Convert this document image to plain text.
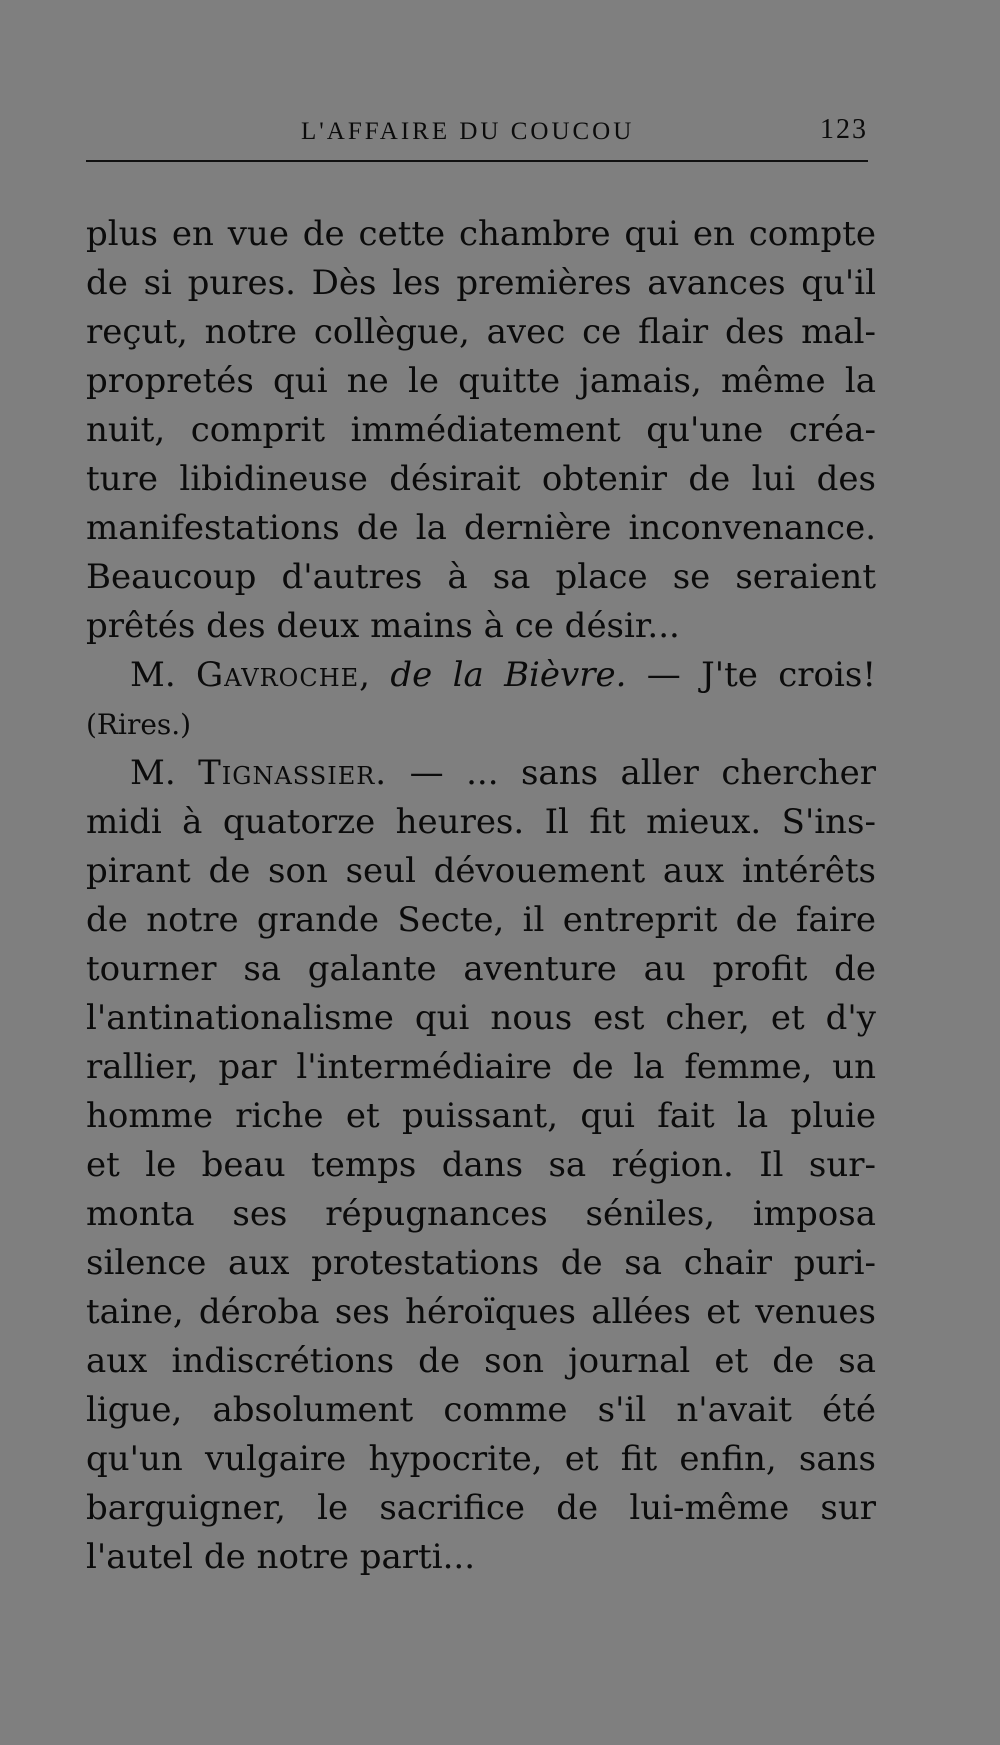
L'AFFAIRE DU COUCOU	123
plus en vue de cette chambre qui en compte
de si pures. Dès les premières avances qu'il
reçut, notre collègue, avec ce flair des mal-
propretés qui ne le quitte jamais, même la
nuit, comprit immédiatement qu'une créa-
ture libidineuse désirait obtenir de lui des
manifestations de la dernière inconvenance.
Beaucoup d'autres à sa place se seraient
prêtés des deux mains à ce désir...
M. Gavroche, de la Bièvre. — J'te crois!
(Rires.)
M. Tignassier. — ... sans aller chercher
midi à quatorze heures. Il fit mieux. S'ins-
pirant de son seul dévouement aux intérêts
de notre grande Secte, il entreprit de faire
tourner sa galante aventure au profit de
l'antinationalisme qui nous est cher, et d'y
rallier, par l'intermédiaire de la femme, un
homme riche et puissant, qui fait la pluie
et le beau temps dans sa région. Il sur-
monta ses répugnances séniles, imposa
silence aux protestations de sa chair puri-
taine, déroba ses héroïques allées et venues
aux indiscrétions de son journal et de sa
ligue, absolument comme s'il n'avait été
qu'un vulgaire hypocrite, et fit enfin, sans
barguigner, le sacrifice de lui-même sur
l'autel de notre parti...
